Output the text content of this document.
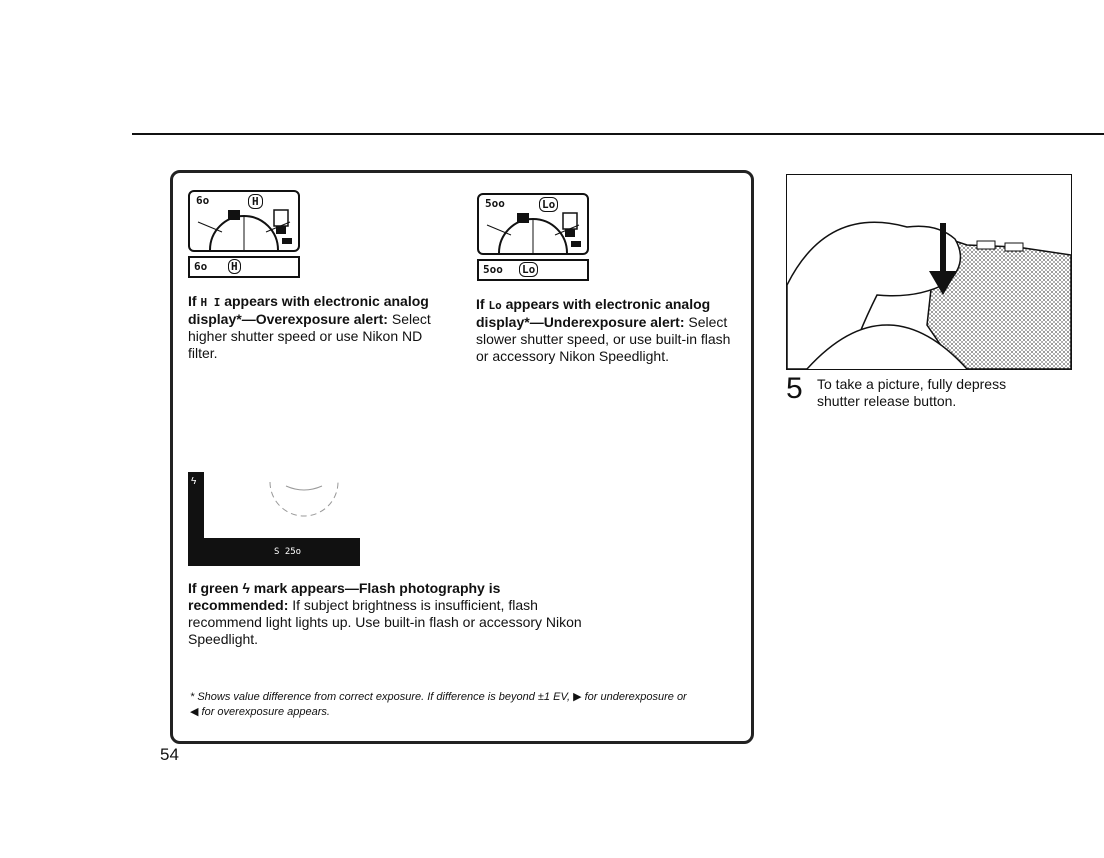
6o	H
6o H
If H I appears with electronic analog display*—Overexposure alert: Select higher shutter speed or use Nikon ND filter.
5oo	Lo
5oo Lo
If Lo appears with electronic analog display*—Underexposure alert: Select slower shutter speed, or use built-in flash or accessory Nikon Speedlight.
ϟ
S 25o
If green ϟ mark appears—Flash photography is recommended: If subject brightness is insufficient, flash recommend light lights up. Use built-in flash or accessory Nikon Speedlight.
* Shows value difference from correct exposure. If difference is beyond ±1 EV, ▶ for underexposure or
◀ for overexposure appears.
54
5 To take a picture, fully depress shutter release button.
